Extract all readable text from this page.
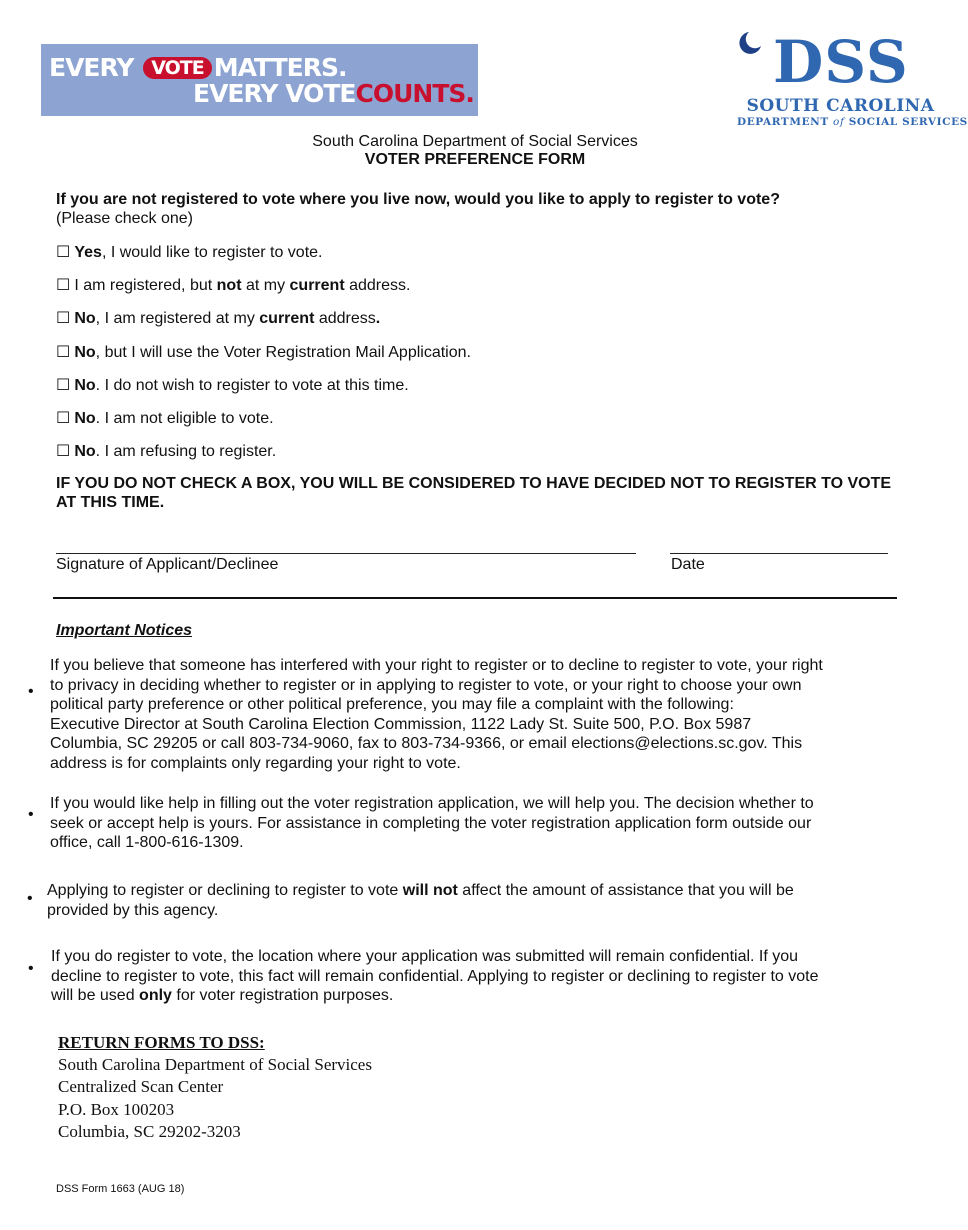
EVERY VOTE MATTERS.
EVERY VOTECOUNTS.	DSS
SOUTH CAROLINA
DEPARTMENT of SOCIAL SERVICES
South Carolina Department of Social Services
VOTER PREFERENCE FORM
If you are not registered to vote where you live now, would you like to apply to register to vote?
(Please check one)
☐ Yes, I would like to register to vote.
☐ I am registered, but not at my current address.
☐ No, I am registered at my current address.
☐ No, but I will use the Voter Registration Mail Application.
☐ No. I do not wish to register to vote at this time.
☐ No. I am not eligible to vote.
☐ No. I am refusing to register.
IF YOU DO NOT CHECK A BOX, YOU WILL BE CONSIDERED TO HAVE DECIDED NOT TO REGISTER TO VOTE AT THIS TIME.
Signature of Applicant/Declinee	Date
Important Notices
•
If you believe that someone has interfered with your right to register or to decline to register to vote, your right
to privacy in deciding whether to register or in applying to register to vote, or your right to choose your own
political party preference or other political preference, you may file a complaint with the following:
Executive Director at South Carolina Election Commission, 1122 Lady St. Suite 500, P.O. Box 5987
Columbia, SC 29205 or call 803-734-9060, fax to 803-734-9366, or email elections@elections.sc.gov. This
address is for complaints only regarding your right to vote.
•
If you would like help in filling out the voter registration application, we will help you. The decision whether to
seek or accept help is yours. For assistance in completing the voter registration application form outside our
office, call 1-800-616-1309.
• Applying to register or declining to register to vote will not affect the amount of assistance that you will be
provided by this agency.
•
If you do register to vote, the location where your application was submitted will remain confidential. If you
decline to register to vote, this fact will remain confidential. Applying to register or declining to register to vote
will be used only for voter registration purposes.
RETURN FORMS TO DSS:
South Carolina Department of Social Services
Centralized Scan Center
P.O. Box 100203
Columbia, SC 29202-3203
DSS Form 1663 (AUG 18)
